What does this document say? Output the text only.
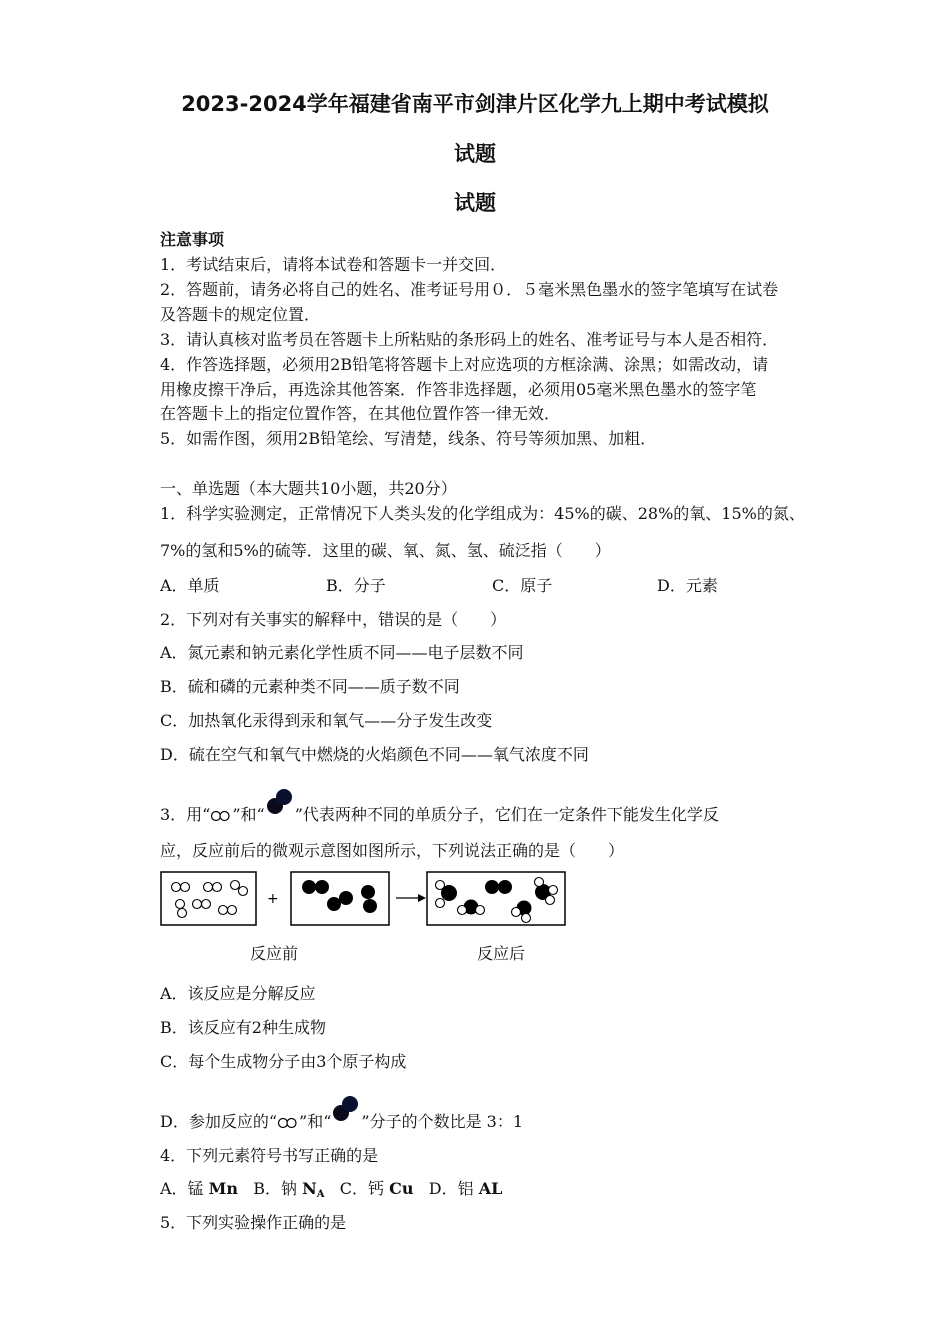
2023-2024学年福建省南平市剑津片区化学九上期中考试模拟
试题
试题
注意事项
1．考试结束后，请将本试卷和答题卡一并交回．
2．答题前，请务必将自己的姓名、准考证号用０．５毫米黑色墨水的签字笔填写在试卷
及答题卡的规定位置．
3．请认真核对监考员在答题卡上所粘贴的条形码上的姓名、准考证号与本人是否相符．
4．作答选择题，必须用2B铅笔将答题卡上对应选项的方框涂满、涂黑；如需改动，请
用橡皮擦干净后，再选涂其他答案．作答非选择题，必须用05毫米黑色墨水的签字笔
在答题卡上的指定位置作答，在其他位置作答一律无效．
5．如需作图，须用2B铅笔绘、写清楚，线条、符号等须加黑、加粗．
一、单选题（本大题共10小题，共20分）
1．科学实验测定，正常情况下人类头发的化学组成为：45%的碳、28%的氧、15%的氮、
7%的氢和5%的硫等．这里的碳、氧、氮、氢、硫泛指（　　）
A．单质	B．分子	C．原子	D．元素
2．下列对有关事实的解释中，错误的是（　　）
A．氮元素和钠元素化学性质不同——电子层数不同
B．硫和磷的元素种类不同——质子数不同
C．加热氧化汞得到汞和氧气——分子发生改变
D．硫在空气和氧气中燃烧的火焰颜色不同——氧气浓度不同
3．用“ ”和“ ”代表两种不同的单质分子，它们在一定条件下能发生化学反
应，反应前后的微观示意图如图所示，下列说法正确的是（　　）
+
反应前	反应后
A．该反应是分解反应
B．该反应有2种生成物
C．每个生成物分子由3个原子构成
D．参加反应的“ ”和“ ”分子的个数比是 3：1
4．下列元素符号书写正确的是
A．锰 Mn B．钠 $N_A$ C．钙 Cu D．铝 AL
5．下列实验操作正确的是
